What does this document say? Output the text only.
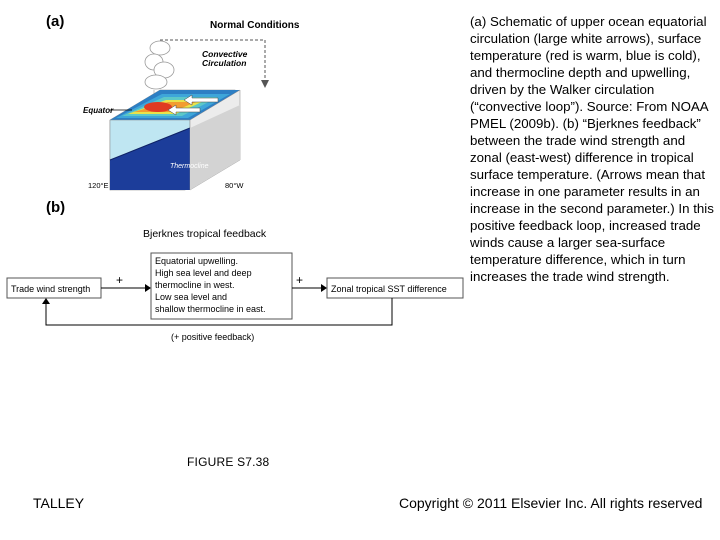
(a)	Normal Conditions
Convective
Circulation
Equator
Thermocline
120°E	80°W
(b)
Bjerknes tropical feedback
Trade wind strength
+
Equatorial upwelling.
High sea level and deep
thermocline in west.
Low sea level and
shallow thermocline in east.
+
Zonal tropical SST difference
(+ positive feedback)
(a) Schematic of upper ocean equatorial circulation (large white arrows), surface temperature (red is warm, blue is cold), and thermocline depth and upwelling, driven by the Walker circulation (“convective loop”). Source: From NOAA PMEL (2009b). (b) “Bjerknes feedback” between the trade wind strength and zonal (east-west) difference in tropical surface temperature. (Arrows mean that increase in one parameter results in an increase in the second parameter.) In this positive feedback loop, increased trade winds cause a larger sea-surface temperature difference, which in turn increases the trade wind strength.
FIGURE S7.38
TALLEY	Copyright © 2011 Elsevier Inc. All rights reserved
